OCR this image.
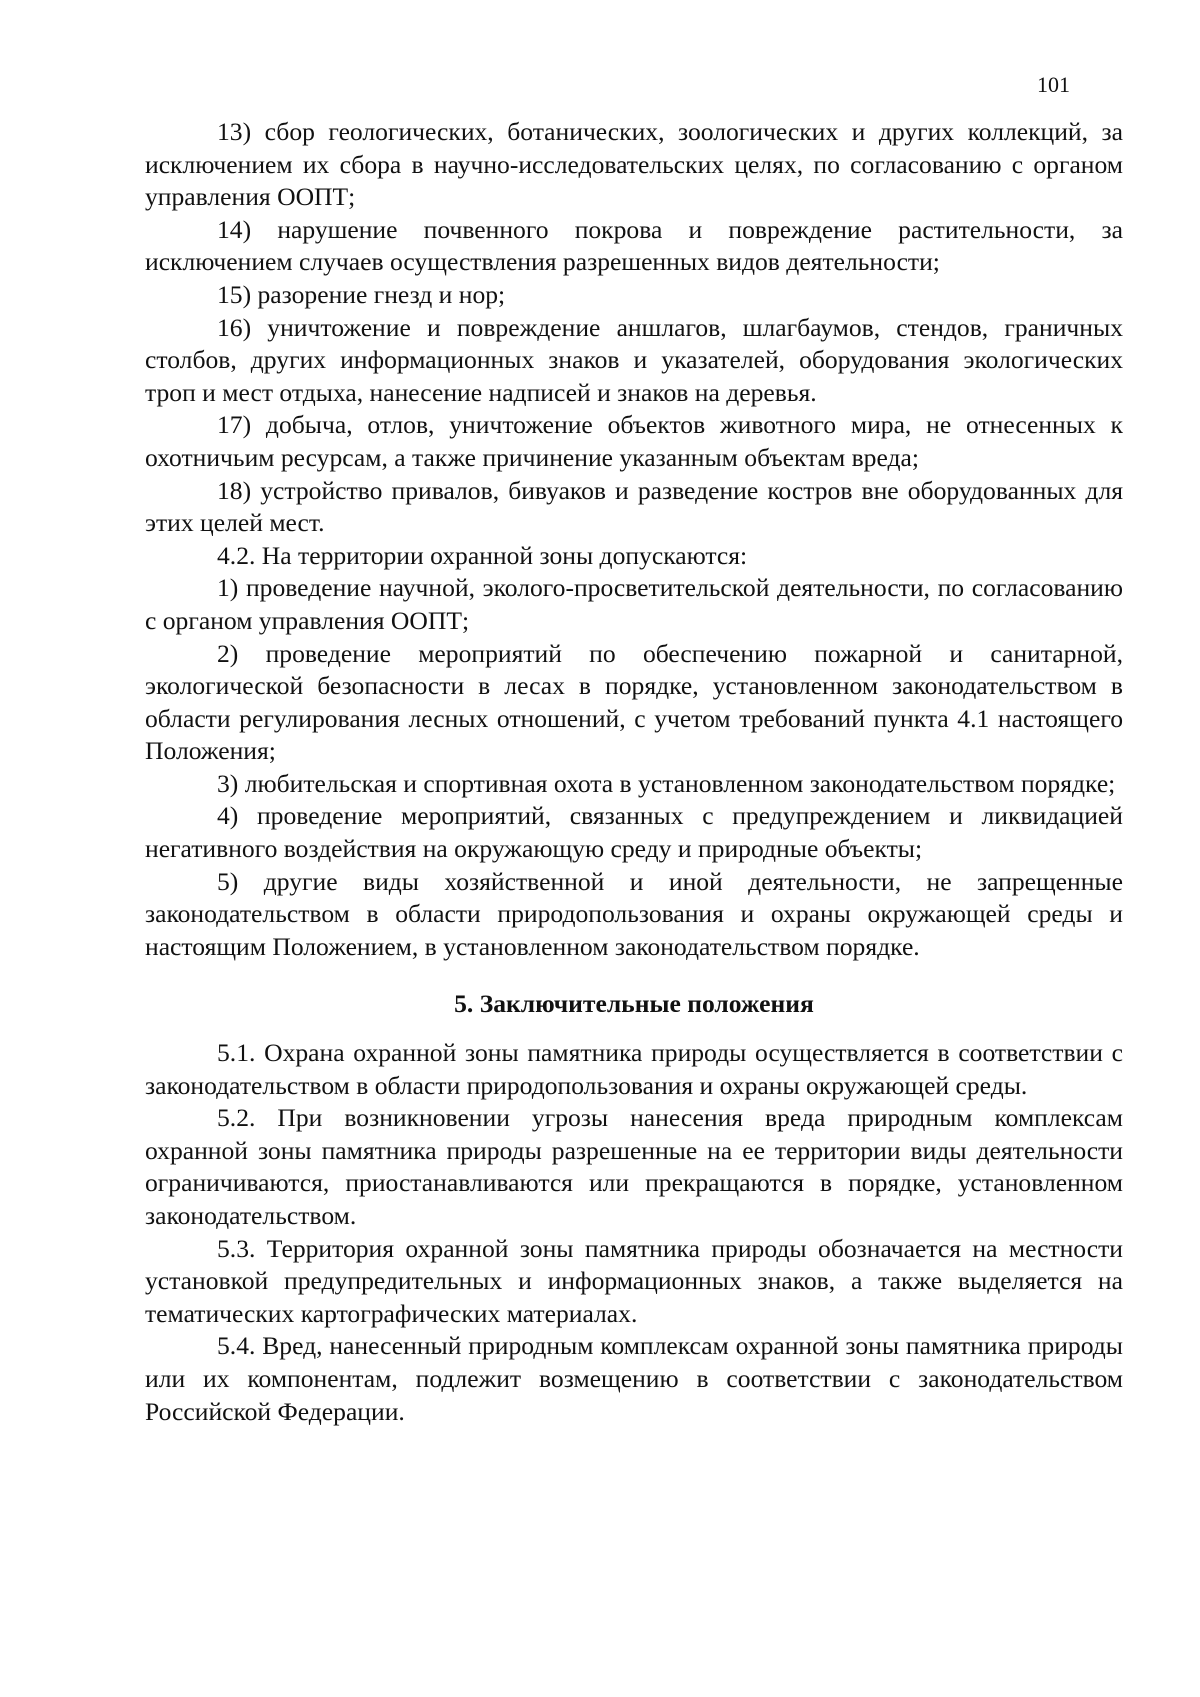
101

13) сбор геологических, ботанических, зоологических и других коллекций, за исключением их сбора в научно-исследовательских целях, по согласованию с органом управления ООПТ;

14) нарушение почвенного покрова и повреждение растительности, за исключением случаев осуществления разрешенных видов деятельности;

15) разорение гнезд и нор;

16) уничтожение и повреждение аншлагов, шлагбаумов, стендов, граничных столбов, других информационных знаков и указателей, оборудования экологических троп и мест отдыха, нанесение надписей и знаков на деревья.

17) добыча, отлов, уничтожение объектов животного мира, не отнесенных к охотничьим ресурсам, а также причинение указанным объектам вреда;

18) устройство привалов, бивуаков и разведение костров вне оборудованных для этих целей мест.

4.2. На территории охранной зоны допускаются:

1) проведение научной, эколого-просветительской деятельности, по согласованию с органом управления ООПТ;

2) проведение мероприятий по обеспечению пожарной и санитарной, экологической безопасности в лесах в порядке, установленном законодательством в области регулирования лесных отношений, с учетом требований пункта 4.1 настоящего Положения;

3) любительская и спортивная охота в установленном законодательством порядке;

4) проведение мероприятий, связанных с предупреждением и ликвидацией негативного воздействия на окружающую среду и природные объекты;

5) другие виды хозяйственной и иной деятельности, не запрещенные законодательством в области природопользования и охраны окружающей среды и настоящим Положением, в установленном законодательством порядке.

5. Заключительные положения

5.1. Охрана охранной зоны памятника природы осуществляется в соответствии с законодательством в области природопользования и охраны окружающей среды.

5.2. При возникновении угрозы нанесения вреда природным комплексам охранной зоны памятника природы разрешенные на ее территории виды деятельности ограничиваются, приостанавливаются или прекращаются в порядке, установленном законодательством.

5.3. Территория охранной зоны памятника природы обозначается на местности установкой предупредительных и информационных знаков, а также выделяется на тематических картографических материалах.

5.4. Вред, нанесенный природным комплексам охранной зоны памятника природы или их компонентам, подлежит возмещению в соответствии с законодательством Российской Федерации.
